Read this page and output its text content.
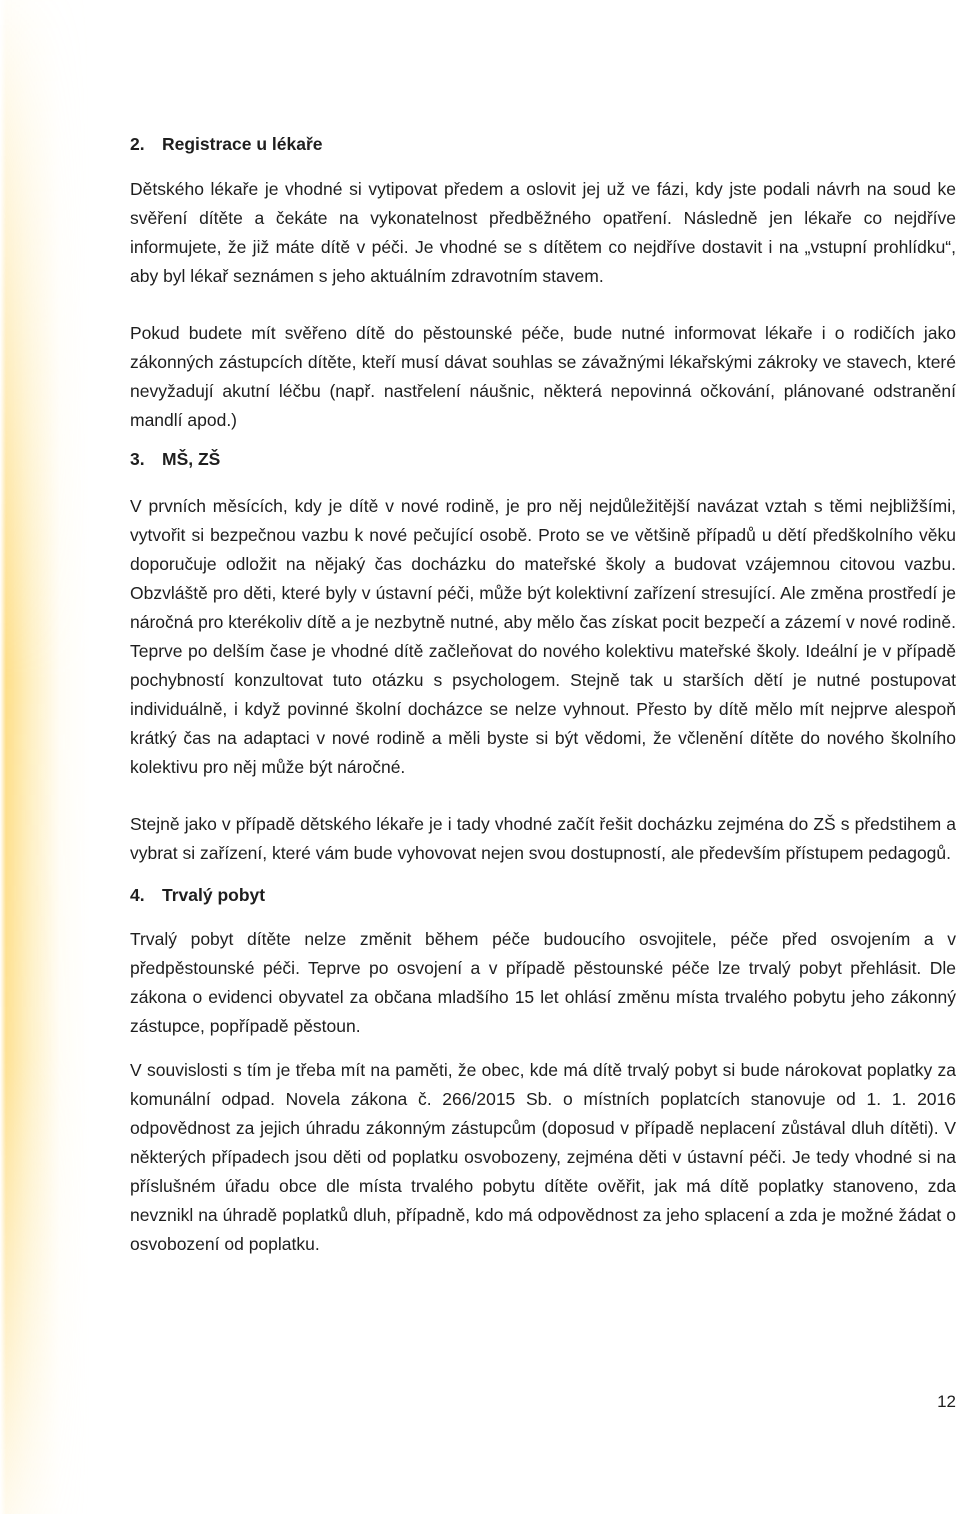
2. Registrace u lékaře

Dětského lékaře je vhodné si vytipovat předem a oslovit jej už ve fázi, kdy jste podali návrh na soud ke svěření dítěte a čekáte na vykonatelnost předběžného opatření. Následně jen lékaře co nejdříve informujete, že již máte dítě v péči. Je vhodné se s dítětem co nejdříve dostavit i na „vstupní prohlídku“, aby byl lékař seznámen s jeho aktuálním zdravotním stavem.

Pokud budete mít svěřeno dítě do pěstounské péče, bude nutné informovat lékaře i o rodičích jako zákonných zástupcích dítěte, kteří musí dávat souhlas se závažnými lékařskými zákroky ve stavech, které nevyžadují akutní léčbu (např. nastřelení náušnic, některá nepovinná očkování, plánované odstranění mandlí apod.)

3. MŠ, ZŠ

V prvních měsících, kdy je dítě v nové rodině, je pro něj nejdůležitější navázat vztah s těmi nejbližšími, vytvořit si bezpečnou vazbu k nové pečující osobě. Proto se ve většině případů u dětí předškolního věku doporučuje odložit na nějaký čas docházku do mateřské školy a budovat vzájemnou citovou vazbu. Obzvláště pro děti, které byly v ústavní péči, může být kolektivní zařízení stresující. Ale změna prostředí je náročná pro kterékoliv dítě a je nezbytně nutné, aby mělo čas získat pocit bezpečí a zázemí v nové rodině. Teprve po delším čase je vhodné dítě začleňovat do nového kolektivu mateřské školy. Ideální je v případě pochybností konzultovat tuto otázku s psychologem. Stejně tak u starších dětí je nutné postupovat individuálně, i když povinné školní docházce se nelze vyhnout. Přesto by dítě mělo mít nejprve alespoň krátký čas na adaptaci v nové rodině a měli byste si být vědomi, že včlenění dítěte do nového školního kolektivu pro něj může být náročné.

Stejně jako v případě dětského lékaře je i tady vhodné začít řešit docházku zejména do ZŠ s předstihem a vybrat si zařízení, které vám bude vyhovovat nejen svou dostupností, ale především přístupem pedagogů.

4. Trvalý pobyt

Trvalý pobyt dítěte nelze změnit během péče budoucího osvojitele, péče před osvojením a v předpěstounské péči. Teprve po osvojení a v případě pěstounské péče lze trvalý pobyt přehlásit. Dle zákona o evidenci obyvatel za občana mladšího 15 let ohlásí změnu místa trvalého pobytu jeho zákonný zástupce, popřípadě pěstoun.

V souvislosti s tím je třeba mít na paměti, že obec, kde má dítě trvalý pobyt si bude nárokovat poplatky za komunální odpad. Novela zákona č. 266/2015 Sb. o místních poplatcích stanovuje od 1. 1. 2016 odpovědnost za jejich úhradu zákonným zástupcům (doposud v případě neplacení zůstával dluh dítěti). V některých případech jsou děti od poplatku osvobozeny, zejména děti v ústavní péči. Je tedy vhodné si na příslušném úřadu obce dle místa trvalého pobytu dítěte ověřit, jak má dítě poplatky stanoveno, zda nevznikl na úhradě poplatků dluh, případně, kdo má odpovědnost za jeho splacení a zda je možné žádat o osvobození od poplatku.

12
